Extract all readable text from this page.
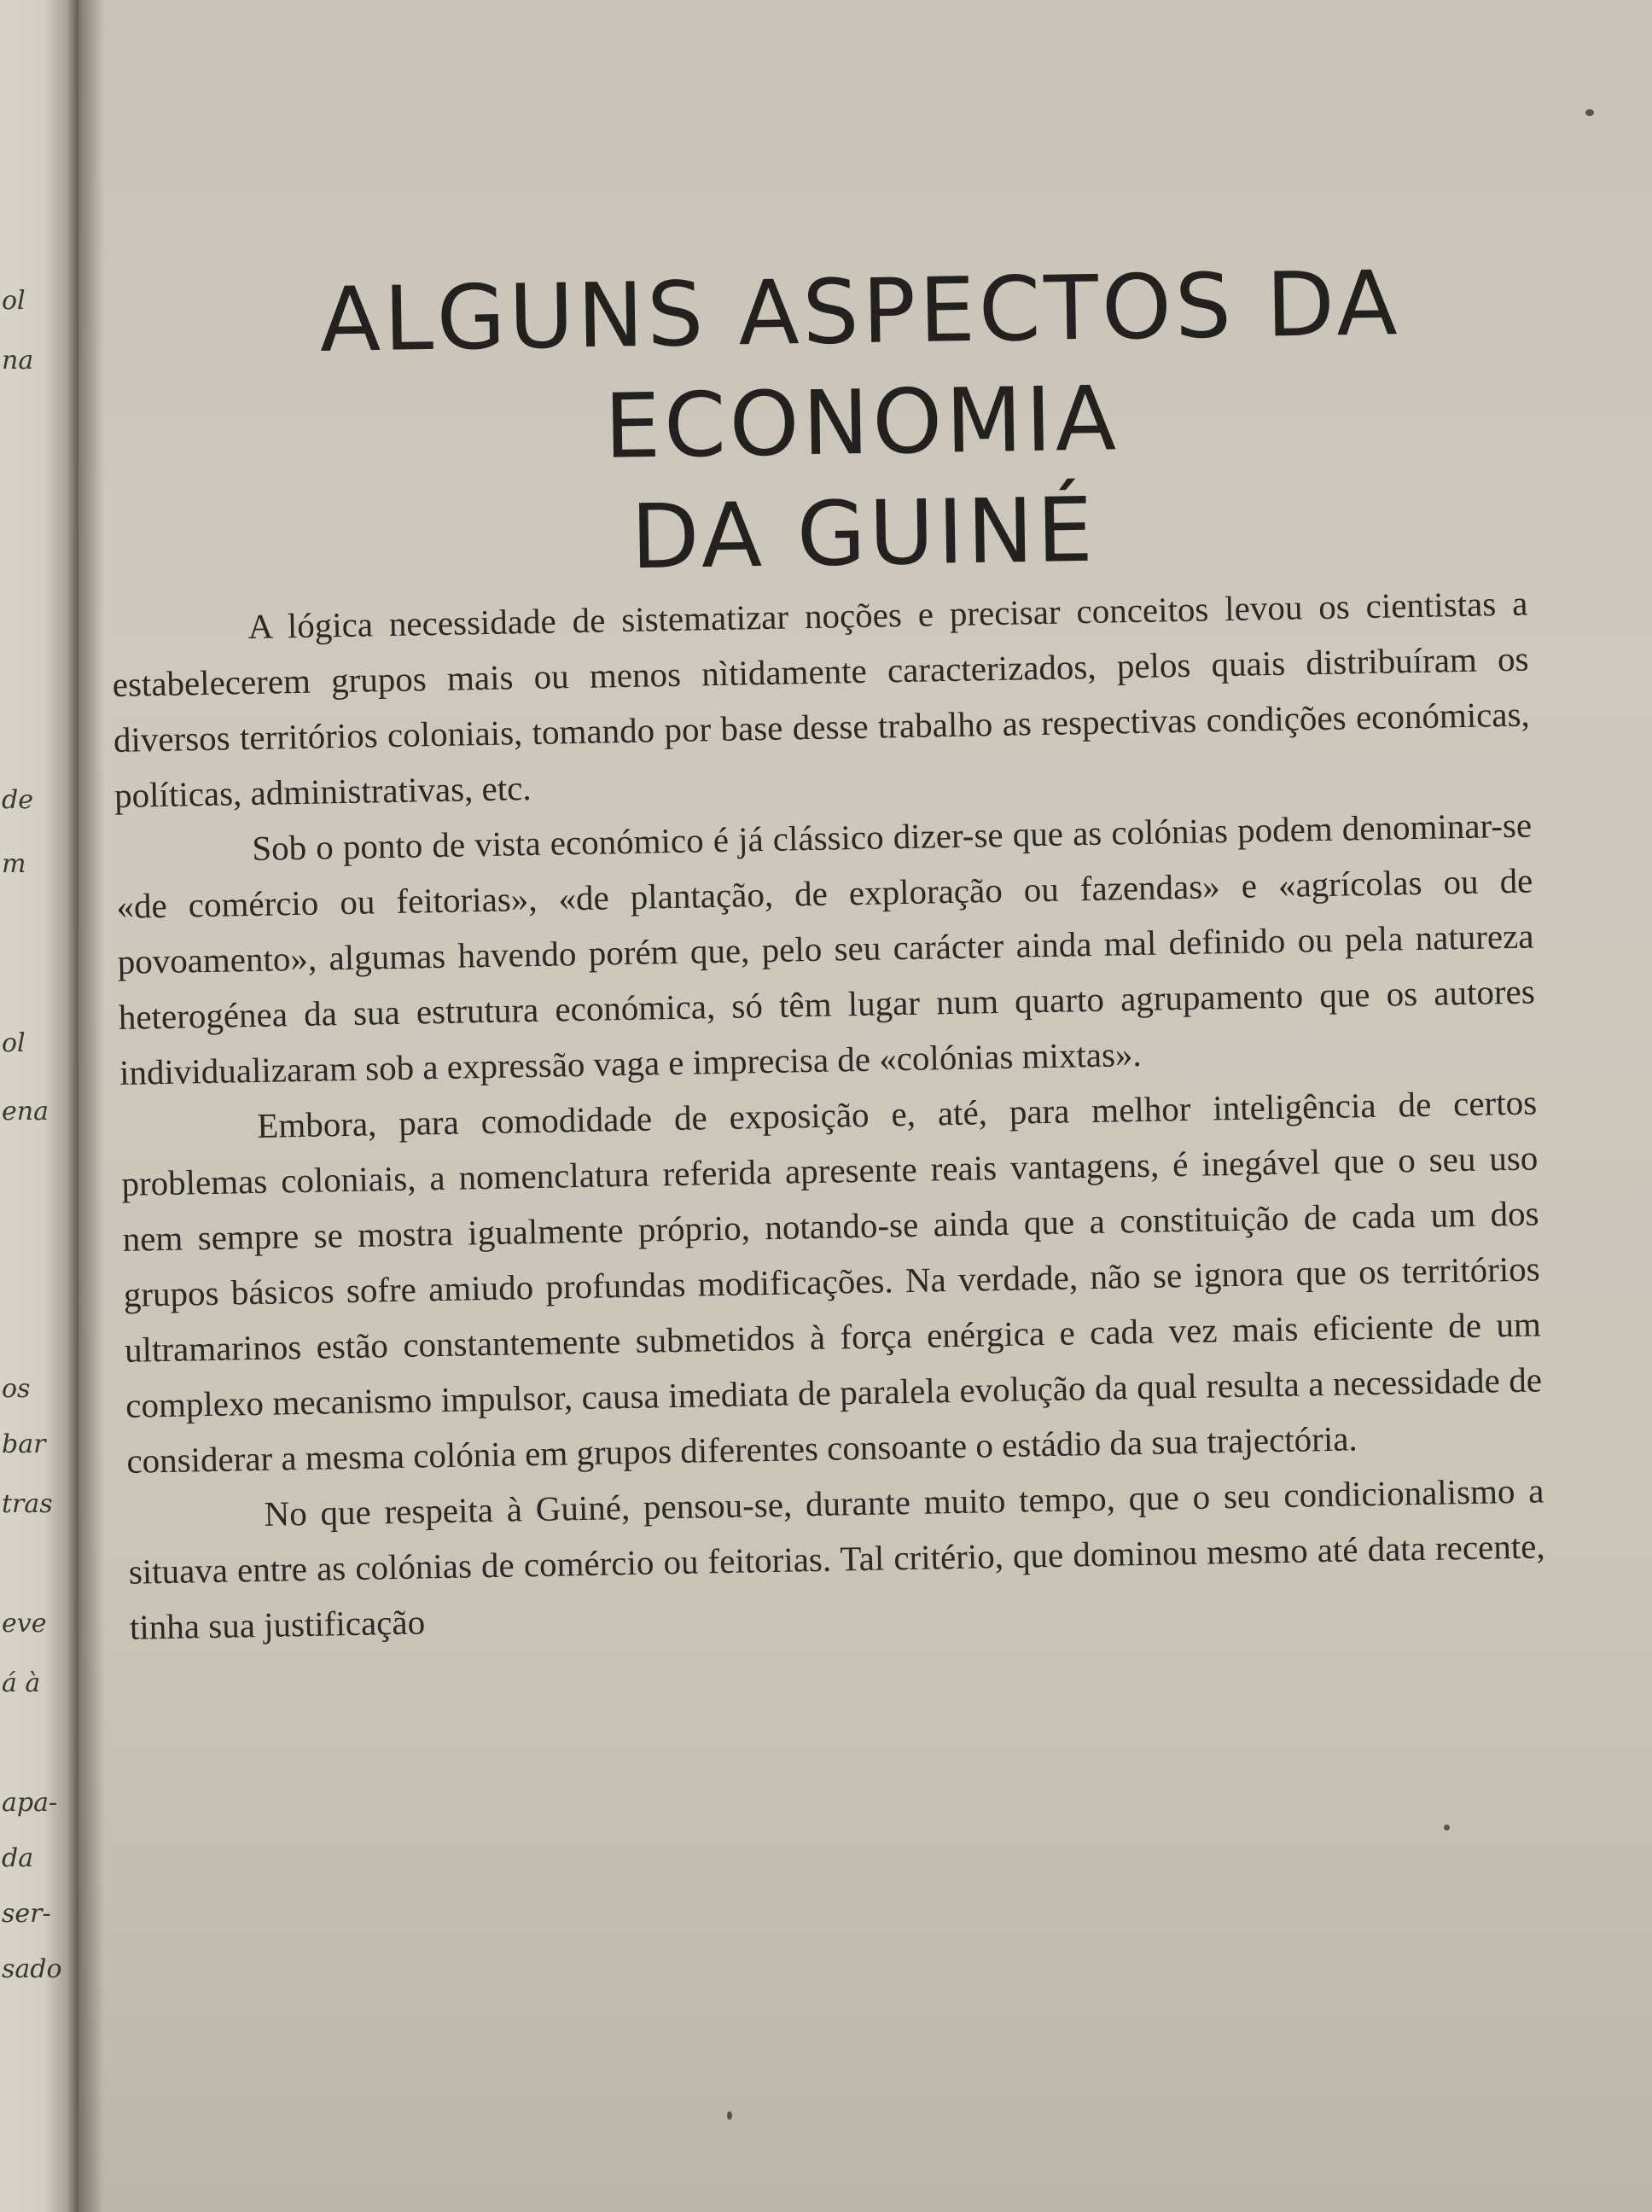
ol
na
de
m
ol
ena
os
bar
tras
eve
á à
apa-
da
ser-
sado
ALGUNS ASPECTOS DA ECONOMIA
DA GUINÉ

A lógica necessidade de sistematizar noções e precisar conceitos levou os cientistas a estabelecerem grupos mais ou menos nìtidamente caracterizados, pelos quais distribuíram os diversos territórios coloniais, tomando por base desse trabalho as respectivas condições económicas, políticas, administrativas, etc.

Sob o ponto de vista económico é já clássico dizer-se que as colónias podem denominar-se «de comércio ou feitorias», «de plantação, de exploração ou fazendas» e «agrícolas ou de povoamento», algumas havendo porém que, pelo seu carácter ainda mal definido ou pela natureza heterogénea da sua estrutura económica, só têm lugar num quarto agrupamento que os autores individualizaram sob a expressão vaga e imprecisa de «colónias mixtas».

Embora, para comodidade de exposição e, até, para melhor inteligência de certos problemas coloniais, a nomenclatura referida apresente reais vantagens, é inegável que o seu uso nem sempre se mostra igualmente próprio, notando-se ainda que a constituição de cada um dos grupos básicos sofre amiudo profundas modificações. Na verdade, não se ignora que os territórios ultramarinos estão constantemente submetidos à força enérgica e cada vez mais eficiente de um complexo mecanismo impulsor, causa imediata de paralela evolução da qual resulta a necessidade de considerar a mesma colónia em grupos diferentes consoante o estádio da sua trajectória.

No que respeita à Guiné, pensou-se, durante muito tempo, que o seu condicionalismo a situava entre as colónias de comércio ou feitorias. Tal critério, que dominou mesmo até data recente, tinha sua justificação
